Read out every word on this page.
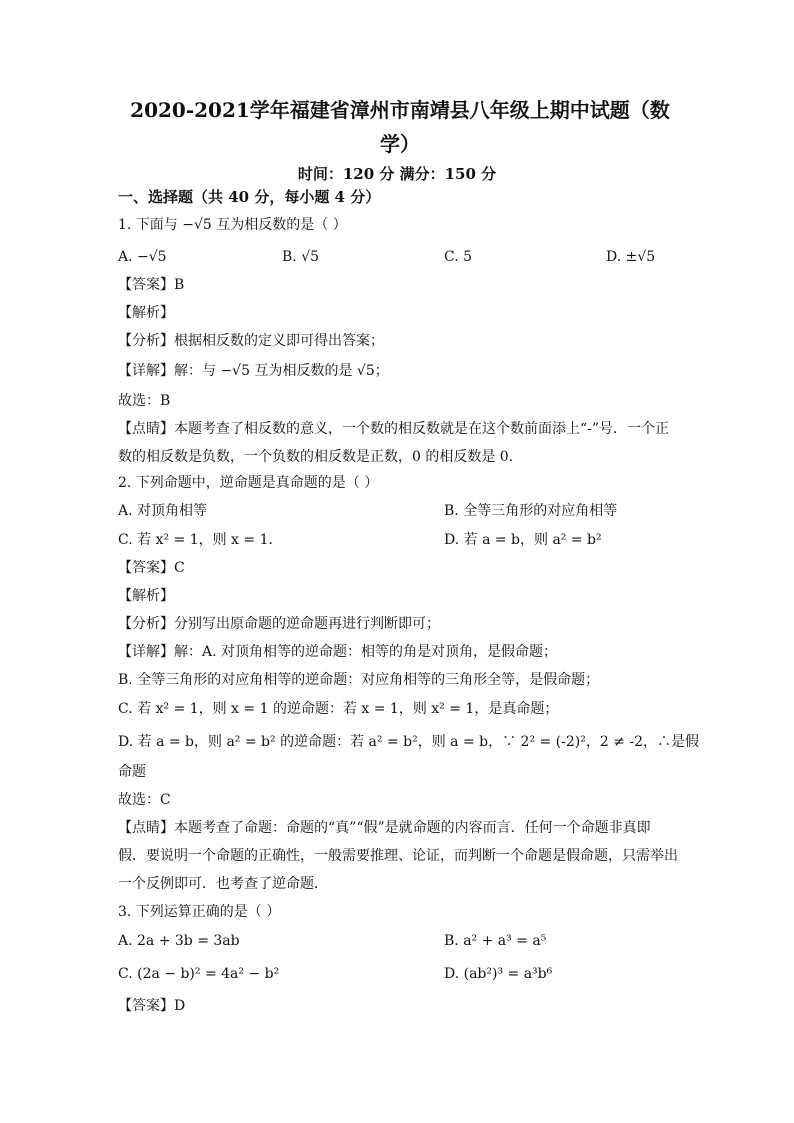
2020-2021学年福建省漳州市南靖县八年级上期中试题（数
学）
时间：120 分 满分：150 分
一、选择题（共 40 分，每小题 4 分）
1. 下面与 −√5 互为相反数的是（ ）
A. −√5	B. √5	C. 5	D. ±√5
【答案】B
【解析】
【分析】根据相反数的定义即可得出答案；
【详解】解：与 −√5 互为相反数的是 √5；
故选：B
【点睛】本题考查了相反数的意义，一个数的相反数就是在这个数前面添上“-”号．一个正
数的相反数是负数，一个负数的相反数是正数，0 的相反数是 0．
2. 下列命题中，逆命题是真命题的是（ ）
A. 对顶角相等	B. 全等三角形的对应角相等
C. 若 x² = 1，则 x = 1．	D. 若 a = b，则 a² = b²
【答案】C
【解析】
【分析】分别写出原命题的逆命题再进行判断即可；
【详解】解：A. 对顶角相等的逆命题：相等的角是对顶角，是假命题；
B. 全等三角形的对应角相等的逆命题：对应角相等的三角形全等，是假命题；
C. 若 x² = 1，则 x = 1 的逆命题：若 x = 1，则 x² = 1，是真命题；
D. 若 a = b，则 a² = b² 的逆命题：若 a² = b²，则 a = b，∵ 2² = (-2)²，2 ≠ -2，∴是假
命题
故选：C
【点睛】本题考查了命题：命题的“真”“假”是就命题的内容而言．任何一个命题非真即
假．要说明一个命题的正确性，一般需要推理、论证，而判断一个命题是假命题，只需举出
一个反例即可．也考查了逆命题．
3. 下列运算正确的是（ ）
A. 2a + 3b = 3ab	B. a² + a³ = a⁵
C. (2a − b)² = 4a² − b²	D. (ab²)³ = a³b⁶
【答案】D
